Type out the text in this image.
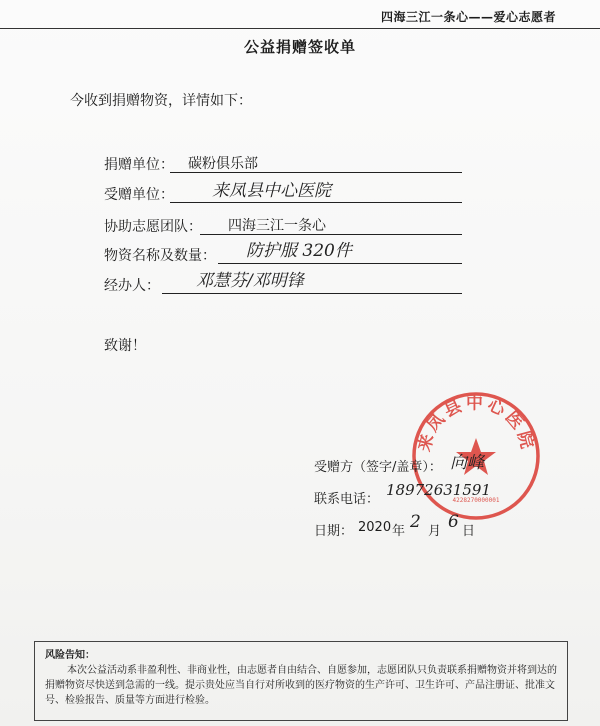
四海三江一条心——爱心志愿者
公益捐赠签收单
今收到捐赠物资，详情如下：
捐赠单位： 碳粉俱乐部
受赠单位： 来凤县中心医院
协助志愿团队： 四海三江一条心
物资名称及数量： 防护服 320件
经办人： 邓慧芬/邓明锋
致谢！
来凤县中心医院
4228270000001
受赠方（签字/盖章）： 向峰
联系电话：
18972631591
日期： 2020 年 2 月 6 日
风险告知：
本次公益活动系非盈利性、非商业性，由志愿者自由结合、自愿参加，志愿团队只负责联系捐赠物资并将到达的捐赠物资尽快送到急需的一线。提示贵处应当自行对所收到的医疗物资的生产许可、卫生许可、产品注册证、批准文号、检验报告、质量等方面进行检验。
